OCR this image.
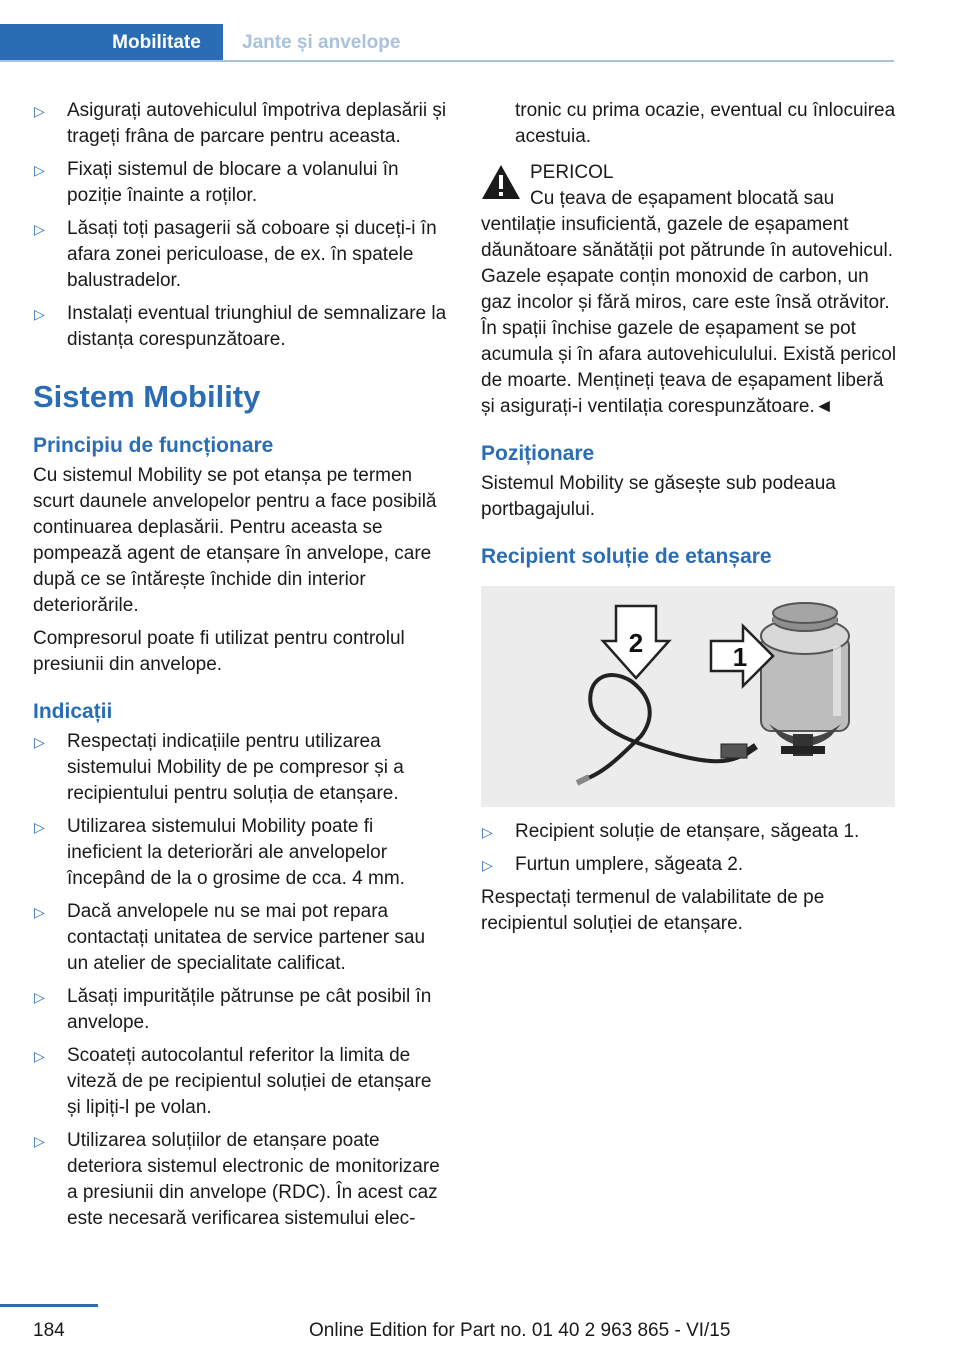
Mobilitate	Jante și anvelope
▷ Asigurați autovehiculul împotriva deplasării și trageți frâna de parcare pentru aceasta.
▷ Fixați sistemul de blocare a volanului în poziție înainte a roților.
▷ Lăsați toți pasagerii să coboare și duceți-i în afara zonei periculoase, de ex. în spatele balustradelor.
▷ Instalați eventual triunghiul de semnalizare la distanța corespunzătoare.
Sistem Mobility
Principiu de funcționare

Cu sistemul Mobility se pot etanșa pe termen scurt daunele anvelopelor pentru a face posibilă continuarea deplasării. Pentru aceasta se pompează agent de etanșare în anvelope, care după ce se întărește închide din interior deteriorările.

Compresorul poate fi utilizat pentru controlul presiunii din anvelope.

Indicații
▷ Respectați indicațiile pentru utilizarea sistemului Mobility de pe compresor și a recipientului pentru soluția de etanșare.
▷ Utilizarea sistemului Mobility poate fi ineficient la deteriorări ale anvelopelor începând de la o grosime de cca. 4 mm.
▷ Dacă anvelopele nu se mai pot repara contactați unitatea de service partener sau un atelier de specialitate calificat.
▷ Lăsați impuritățile pătrunse pe cât posibil în anvelope.
▷ Scoateți autocolantul referitor la limita de viteză de pe recipientul soluției de etanșare și lipiți-l pe volan.
▷ Utilizarea soluțiilor de etanșare poate deteriora sistemul electronic de monitorizare a presiunii din anvelope (RDC). În acest caz este necesară verificarea sistemului elec-

tronic cu prima ocazie, eventual cu înlocuirea acestuia.

PERICOL
Cu țeava de eșapament blocată sau ventilație insuficientă, gazele de eșapament dăunătoare sănătății pot pătrunde în autovehicul. Gazele eșapate conțin monoxid de carbon, un gaz incolor și fără miros, care este însă otrăvitor. În spații închise gazele de eșapament se pot acumula și în afara autovehiculului. Există pericol de moarte. Mențineți țeava de eșapament liberă și asigurați-i ventilația corespunzătoare.◄
Poziționare

Sistemul Mobility se găsește sub podeaua portbagajului.

Recipient soluție de etanșare
2	1
▷ Recipient soluție de etanșare, săgeata 1.
▷ Furtun umplere, săgeata 2.

Respectați termenul de valabilitate de pe recipientul soluției de etanșare.

184	Online Edition for Part no. 01 40 2 963 865 - VI/15
